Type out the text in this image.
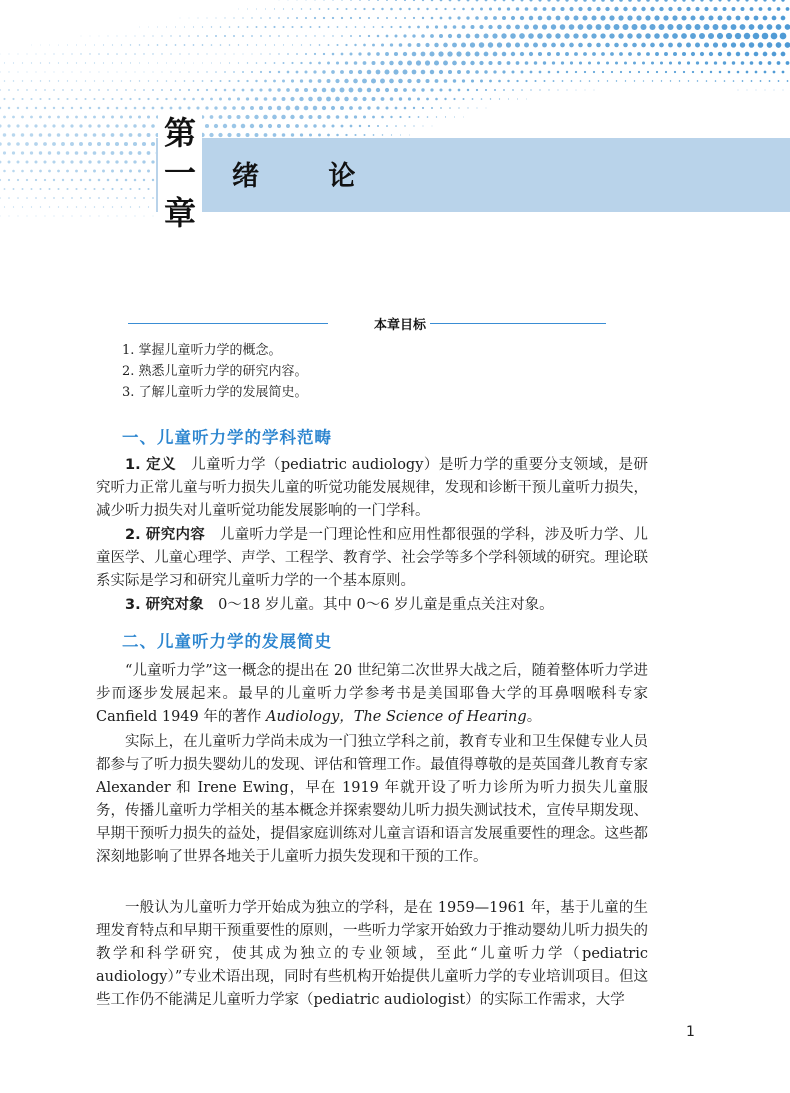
第
一
章
绪 论
本章目标

1. 掌握儿童听力学的概念。

2. 熟悉儿童听力学的研究内容。

3. 了解儿童听力学的发展简史。

一、儿童听力学的学科范畴

1. 定义　 儿童听力学（pediatric audiology）是听力学的重要分支领域，是研究听力正常儿童与听力损失儿童的听觉功能发展规律，发现和诊断干预儿童听力损失，减少听力损失对儿童听觉功能发展影响的一门学科。

2. 研究内容　 儿童听力学是一门理论性和应用性都很强的学科，涉及听力学、儿童医学、儿童心理学、声学、工程学、教育学、社会学等多个学科领域的研究。理论联系实际是学习和研究儿童听力学的一个基本原则。

3. 研究对象　 0～18 岁儿童。其中 0～6 岁儿童是重点关注对象。

二、儿童听力学的发展简史

“儿童听力学”这一概念的提出在 20 世纪第二次世界大战之后，随着整体听力学进步而逐步发展起来。最早的儿童听力学参考书是美国耶鲁大学的耳鼻咽喉科专家 Canfield 1949 年的著作 Audiology，The Science of Hearing。

实际上，在儿童听力学尚未成为一门独立学科之前，教育专业和卫生保健专业人员都参与了听力损失婴幼儿的发现、评估和管理工作。最值得尊敬的是英国聋儿教育专家 Alexander 和 Irene Ewing，早在 1919 年就开设了听力诊所为听力损失儿童服务，传播儿童听力学相关的基本概念并探索婴幼儿听力损失测试技术，宣传早期发现、早期干预听力损失的益处，提倡家庭训练对儿童言语和语言发展重要性的理念。这些都深刻地影响了世界各地关于儿童听力损失发现和干预的工作。

一般认为儿童听力学开始成为独立的学科，是在 1959—1961 年，基于儿童的生理发育特点和早期干预重要性的原则，一些听力学家开始致力于推动婴幼儿听力损失的教学和科学研究，使其成为独立的专业领域，至此“儿童听力学（pediatric audiology）”专业术语出现，同时有些机构开始提供儿童听力学的专业培训项目。但这些工作仍不能满足儿童听力学家（pediatric audiologist）的实际工作需求，大学

1
